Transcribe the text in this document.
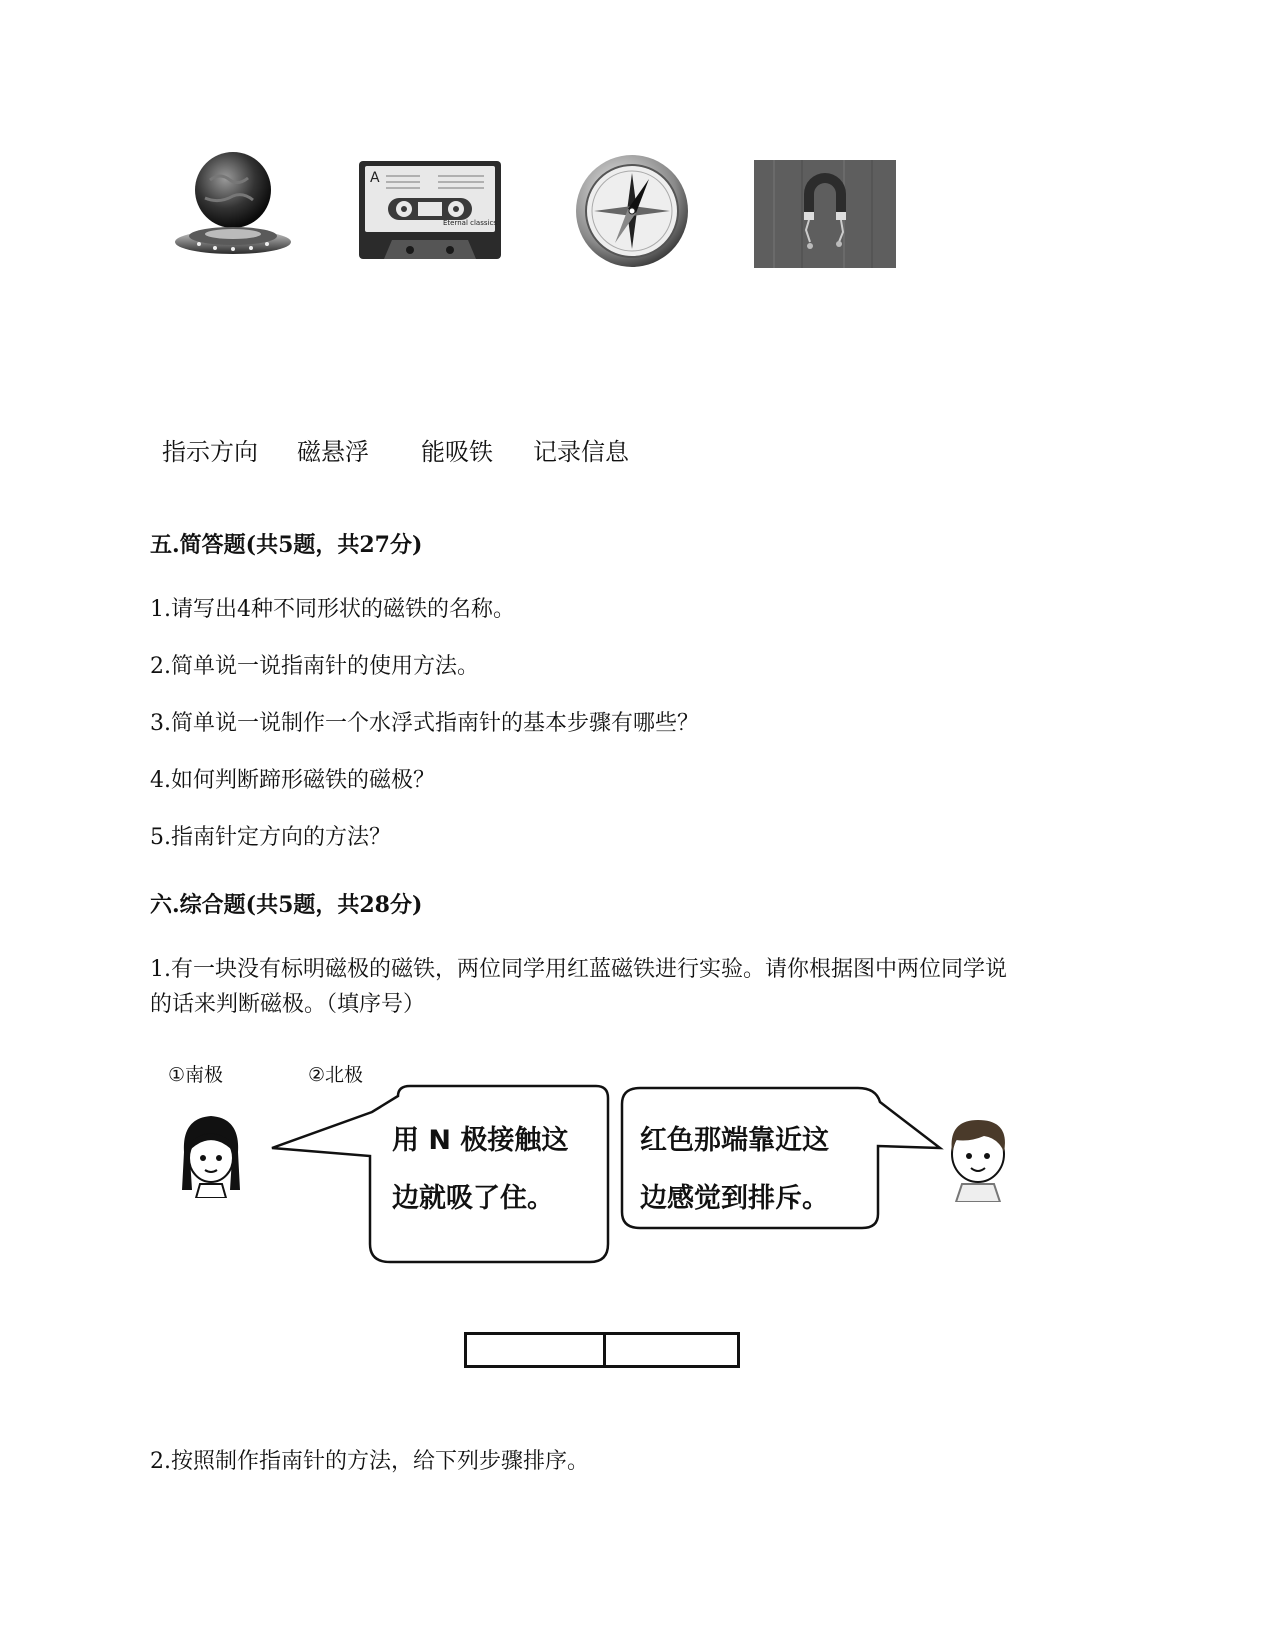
A
Eternal classics
指示方向 磁悬浮 能吸铁 记录信息
五.简答题(共5题，共27分)
1.请写出4种不同形状的磁铁的名称。
2.简单说一说指南针的使用方法。
3.简单说一说制作一个水浮式指南针的基本步骤有哪些？
4.如何判断蹄形磁铁的磁极？
5.指南针定方向的方法？
六.综合题(共5题，共28分)
1.有一块没有标明磁极的磁铁，两位同学用红蓝磁铁进行实验。请你根据图中两位同学说
的话来判断磁极。（填序号）
①南极	②北极
用 N 极接触这
边就吸了住。
红色那端靠近这
边感觉到排斥。
2.按照制作指南针的方法，给下列步骤排序。
